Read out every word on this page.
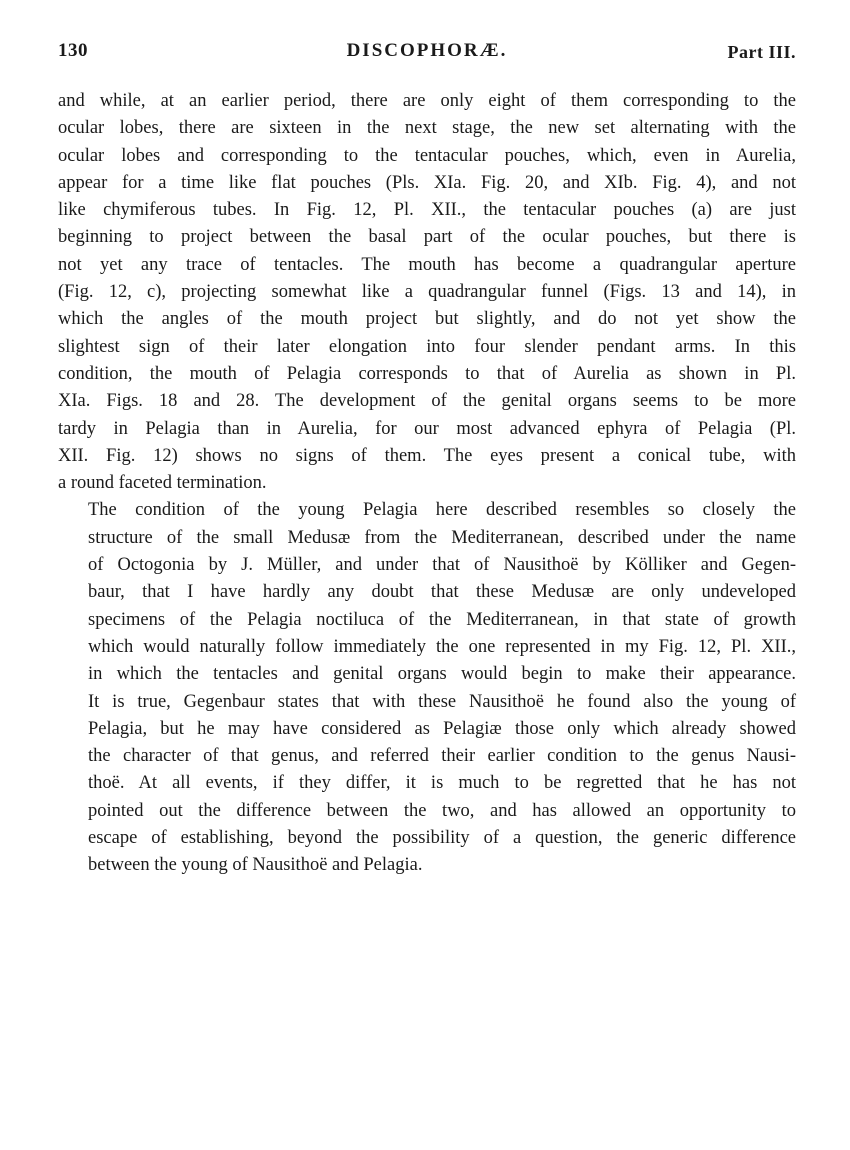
130	DISCOPHORÆ.	Part III.

and while, at an earlier period, there are only eight of them corresponding to the
ocular lobes, there are sixteen in the next stage, the new set alternating with the
ocular lobes and corresponding to the tentacular pouches, which, even in Aurelia,
appear for a time like flat pouches (Pls. XIa. Fig. 20, and XIb. Fig. 4), and not
like chymiferous tubes. In Fig. 12, Pl. XII., the tentacular pouches (a) are just
beginning to project between the basal part of the ocular pouches, but there is
not yet any trace of tentacles. The mouth has become a quadrangular aperture
(Fig. 12, c), projecting somewhat like a quadrangular funnel (Figs. 13 and 14), in
which the angles of the mouth project but slightly, and do not yet show the
slightest sign of their later elongation into four slender pendant arms. In this
condition, the mouth of Pelagia corresponds to that of Aurelia as shown in Pl.
XIa. Figs. 18 and 28. The development of the genital organs seems to be more
tardy in Pelagia than in Aurelia, for our most advanced ephyra of Pelagia (Pl.
XII. Fig. 12) shows no signs of them. The eyes present a conical tube, with
a round faceted termination.

The condition of the young Pelagia here described resembles so closely the
structure of the small Medusæ from the Mediterranean, described under the name
of Octogonia by J. Müller, and under that of Nausithoë by Kölliker and Gegen-
baur, that I have hardly any doubt that these Medusæ are only undeveloped
specimens of the Pelagia noctiluca of the Mediterranean, in that state of growth
which would naturally follow immediately the one represented in my Fig. 12, Pl. XII.,
in which the tentacles and genital organs would begin to make their appearance.
It is true, Gegenbaur states that with these Nausithoë he found also the young of
Pelagia, but he may have considered as Pelagiæ those only which already showed
the character of that genus, and referred their earlier condition to the genus Nausi-
thoë. At all events, if they differ, it is much to be regretted that he has not
pointed out the difference between the two, and has allowed an opportunity to
escape of establishing, beyond the possibility of a question, the generic difference
between the young of Nausithoë and Pelagia.
